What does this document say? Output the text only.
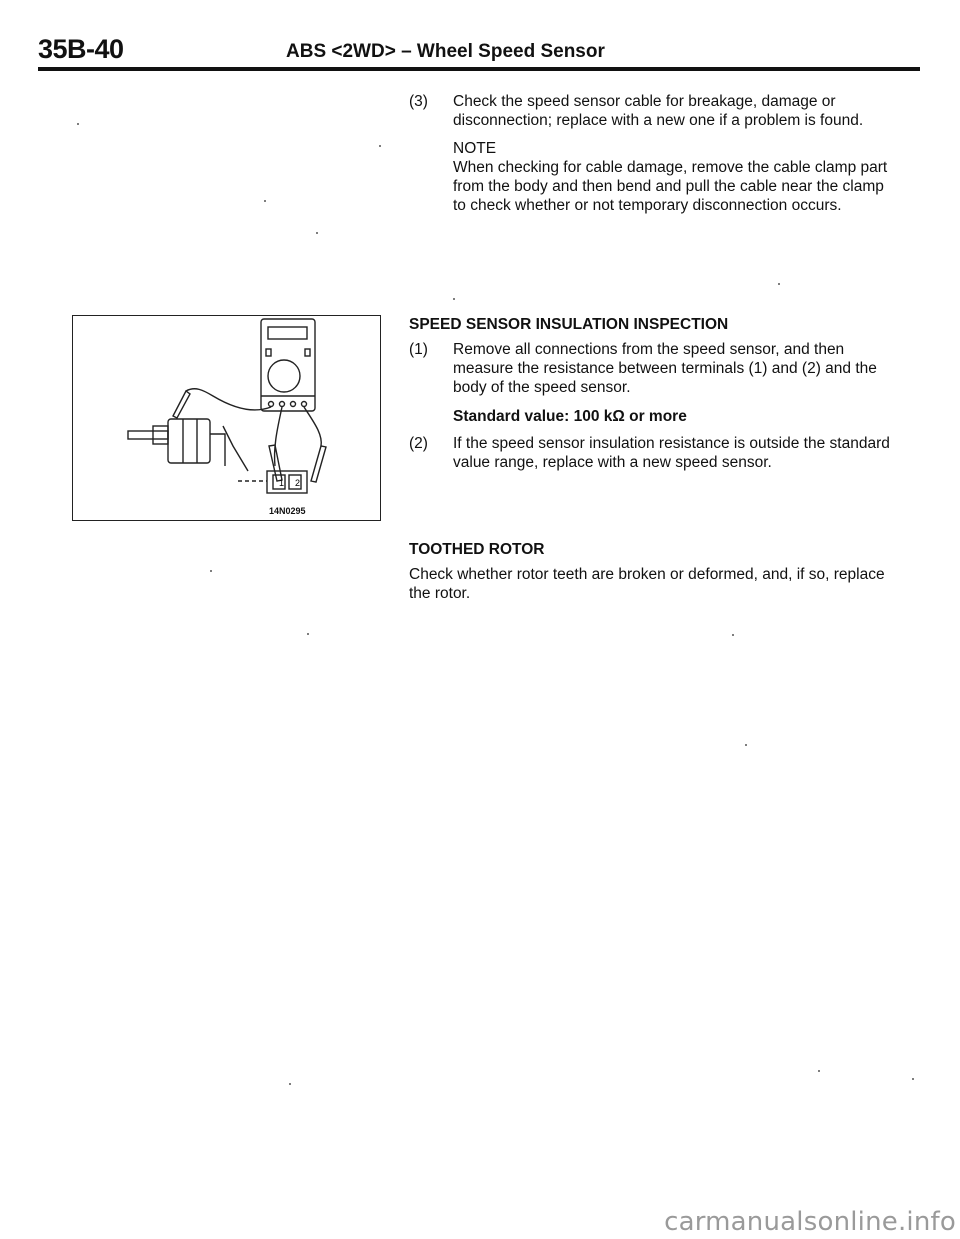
35B-40	ABS <2WD> – Wheel Speed Sensor
(3)	Check the speed sensor cable for breakage, damage or disconnection; replace with a new one if a problem is found.

NOTE

When checking for cable damage, remove the cable clamp part from the body and then bend and pull the cable near the clamp to check whether or not temporary disconnection occurs.

1 2
14N0295
SPEED SENSOR INSULATION INSPECTION
(1)	Remove all connections from the speed sensor, and then measure the resistance between terminals (1) and (2) and the body of the speed sensor.

Standard value: 100 kΩ or more

(2)	If the speed sensor insulation resistance is outside the standard value range, replace with a new speed sensor.

TOOTHED ROTOR

Check whether rotor teeth are broken or deformed, and, if so, replace the rotor.

carmanualsonline.info
